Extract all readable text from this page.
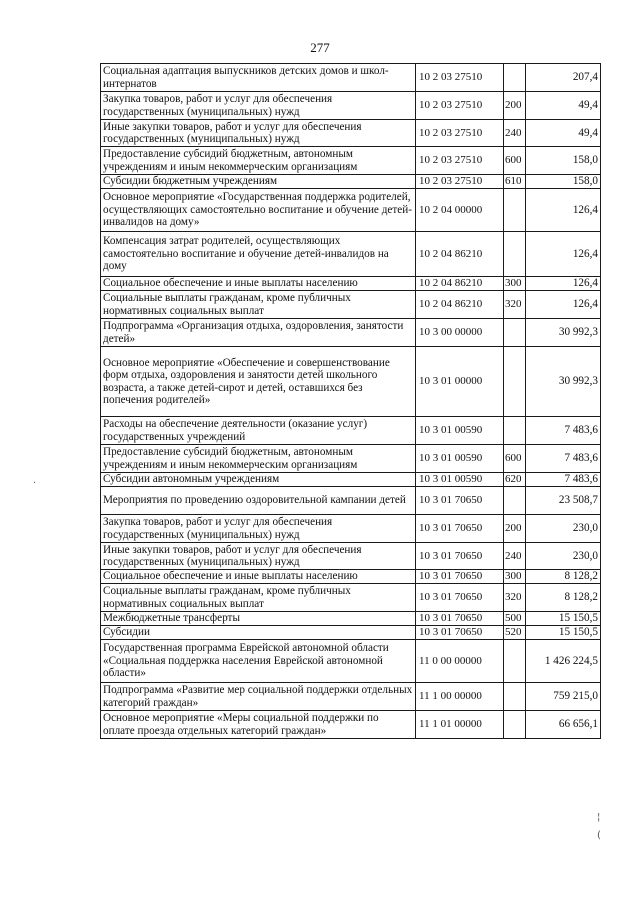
277
Социальная адаптация выпускников детских домов и школ-интернатов	10 2 03 27510		207,4
Закупка товаров, работ и услуг для обеспечения государственных (муниципальных) нужд	10 2 03 27510	200	49,4
Иные закупки товаров, работ и услуг для обеспечения государственных (муниципальных) нужд	10 2 03 27510	240	49,4
Предоставление субсидий бюджетным, автономным учреждениям и иным некоммерческим организациям	10 2 03 27510	600	158,0
Субсидии бюджетным учреждениям	10 2 03 27510	610	158,0
Основное мероприятие «Государственная поддержка родителей, осуществляющих самостоятельно воспитание и обучение детей-инвалидов на дому»	10 2 04 00000		126,4
Компенсация затрат родителей, осуществляющих самостоятельно воспитание и обучение детей-инвалидов на дому	10 2 04 86210		126,4
Социальное обеспечение и иные выплаты населению	10 2 04 86210	300	126,4
Социальные выплаты гражданам, кроме публичных нормативных социальных выплат	10 2 04 86210	320	126,4
Подпрограмма «Организация отдыха, оздоровления, занятости детей»	10 3 00 00000		30 992,3
Основное мероприятие «Обеспечение и совершенствование форм отдыха, оздоровления и занятости детей школьного возраста, а также детей-сирот и детей, оставшихся без попечения родителей»	10 3 01 00000		30 992,3
Расходы на обеспечение деятельности (оказание услуг) государственных учреждений	10 3 01 00590		7 483,6
Предоставление субсидий бюджетным, автономным учреждениям и иным некоммерческим организациям	10 3 01 00590	600	7 483,6
Субсидии автономным учреждениям	10 3 01 00590	620	7 483,6
Мероприятия по проведению оздоровительной кампании детей	10 3 01 70650		23 508,7
Закупка товаров, работ и услуг для обеспечения государственных (муниципальных) нужд	10 3 01 70650	200	230,0
Иные закупки товаров, работ и услуг для обеспечения государственных (муниципальных) нужд	10 3 01 70650	240	230,0
Социальное обеспечение и иные выплаты населению	10 3 01 70650	300	8 128,2
Социальные выплаты гражданам, кроме публичных нормативных социальных выплат	10 3 01 70650	320	8 128,2
Межбюджетные трансферты	10 3 01 70650	500	15 150,5
Субсидии	10 3 01 70650	520	15 150,5
Государственная программа Еврейской автономной области «Социальная поддержка населения Еврейской автономной области»	11 0 00 00000		1 426 224,5
Подпрограмма «Развитие мер социальной поддержки отдельных категорий граждан»	11 1 00 00000		759 215,0
Основное мероприятие «Меры социальной поддержки по оплате проезда отдельных категорий граждан»	11 1 01 00000		66 656,1
·
¦
(
